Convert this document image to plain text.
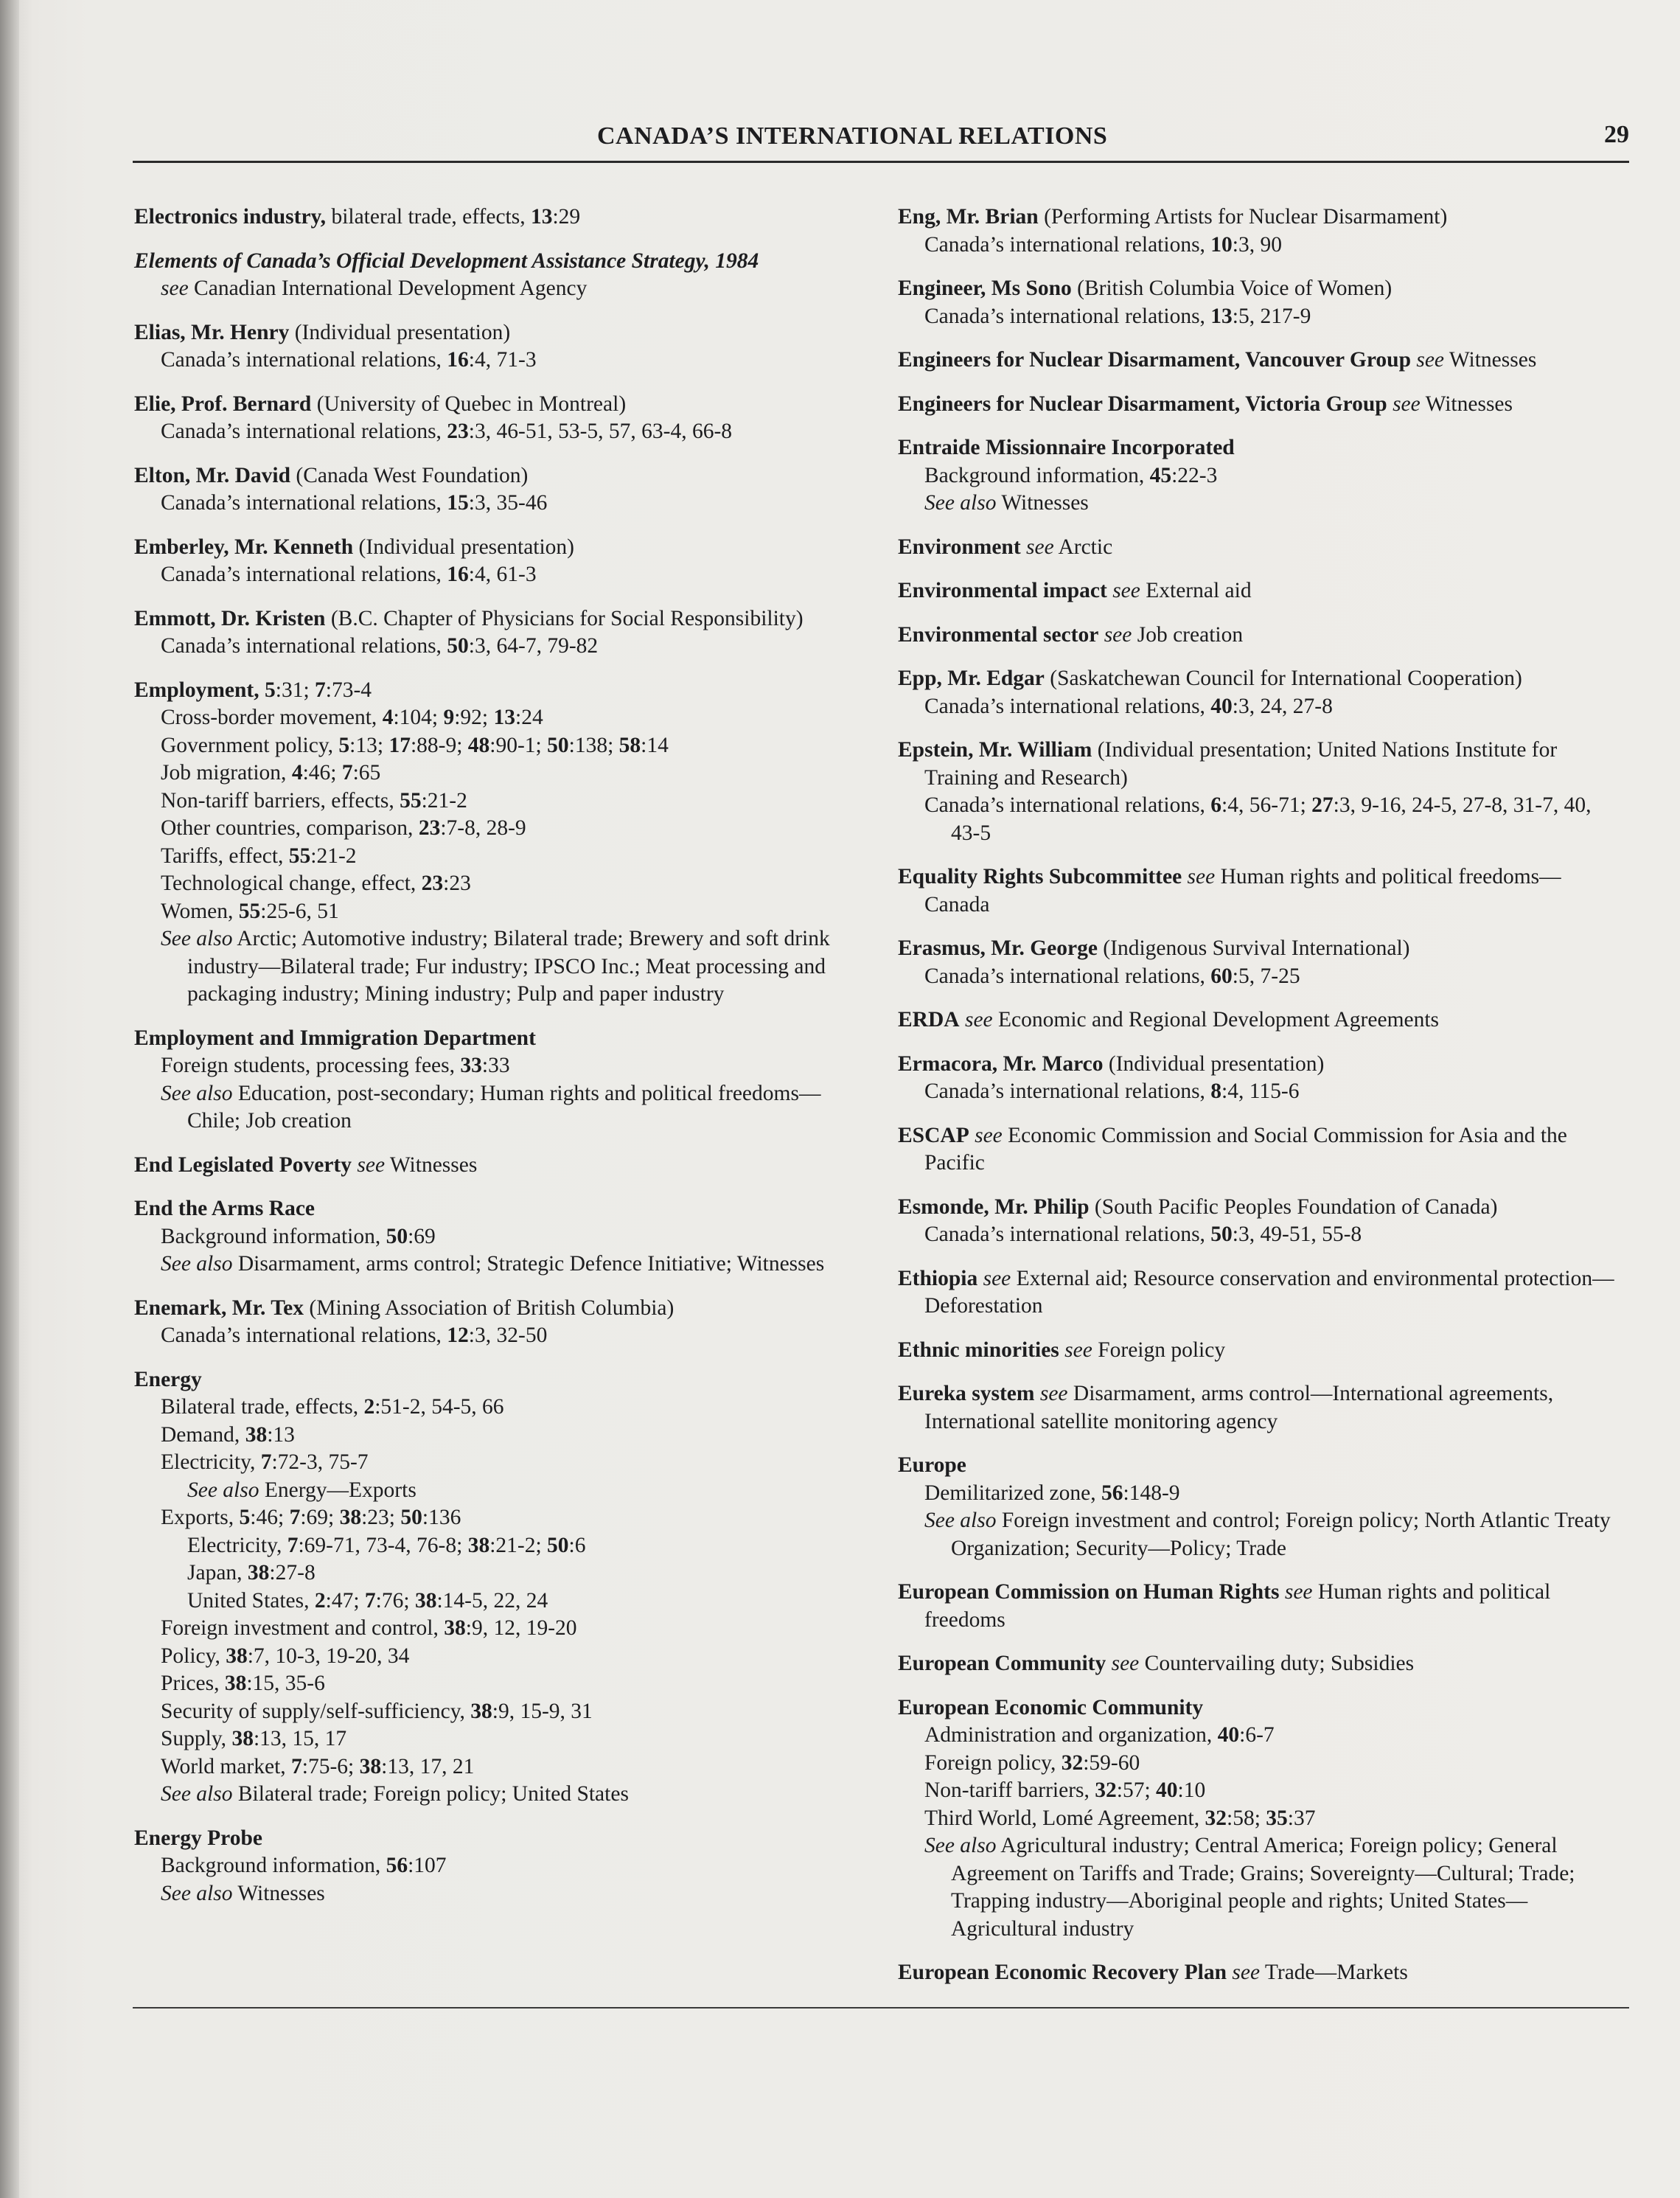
CANADA’S INTERNATIONAL RELATIONS	29
Electronics industry, bilateral trade, effects, 13:29
Elements of Canada’s Official Development Assistance Strategy, 1984
see Canadian International Development Agency
Elias, Mr. Henry (Individual presentation)
Canada’s international relations, 16:4, 71-3
Elie, Prof. Bernard (University of Quebec in Montreal)
Canada’s international relations, 23:3, 46-51, 53-5, 57, 63-4, 66-8
Elton, Mr. David (Canada West Foundation)
Canada’s international relations, 15:3, 35-46
Emberley, Mr. Kenneth (Individual presentation)
Canada’s international relations, 16:4, 61-3
Emmott, Dr. Kristen (B.C. Chapter of Physicians for Social Responsibility)
Canada’s international relations, 50:3, 64-7, 79-82
Employment, 5:31; 7:73-4
Cross-border movement, 4:104; 9:92; 13:24
Government policy, 5:13; 17:88-9; 48:90-1; 50:138; 58:14
Job migration, 4:46; 7:65
Non-tariff barriers, effects, 55:21-2
Other countries, comparison, 23:7-8, 28-9
Tariffs, effect, 55:21-2
Technological change, effect, 23:23
Women, 55:25-6, 51
See also Arctic; Automotive industry; Bilateral trade; Brewery and soft drink industry—Bilateral trade; Fur industry; IPSCO Inc.; Meat processing and packaging industry; Mining industry; Pulp and paper industry
Employment and Immigration Department
Foreign students, processing fees, 33:33
See also Education, post-secondary; Human rights and political freedoms—Chile; Job creation
End Legislated Poverty see Witnesses
End the Arms Race
Background information, 50:69
See also Disarmament, arms control; Strategic Defence Initiative; Witnesses
Enemark, Mr. Tex (Mining Association of British Columbia)
Canada’s international relations, 12:3, 32-50
Energy
Bilateral trade, effects, 2:51-2, 54-5, 66
Demand, 38:13
Electricity, 7:72-3, 75-7
See also Energy—Exports
Exports, 5:46; 7:69; 38:23; 50:136
Electricity, 7:69-71, 73-4, 76-8; 38:21-2; 50:6
Japan, 38:27-8
United States, 2:47; 7:76; 38:14-5, 22, 24
Foreign investment and control, 38:9, 12, 19-20
Policy, 38:7, 10-3, 19-20, 34
Prices, 38:15, 35-6
Security of supply/self-sufficiency, 38:9, 15-9, 31
Supply, 38:13, 15, 17
World market, 7:75-6; 38:13, 17, 21
See also Bilateral trade; Foreign policy; United States
Energy Probe
Background information, 56:107
See also Witnesses
Eng, Mr. Brian (Performing Artists for Nuclear Disarmament)
Canada’s international relations, 10:3, 90
Engineer, Ms Sono (British Columbia Voice of Women)
Canada’s international relations, 13:5, 217-9
Engineers for Nuclear Disarmament, Vancouver Group see Witnesses
Engineers for Nuclear Disarmament, Victoria Group see Witnesses
Entraide Missionnaire Incorporated
Background information, 45:22-3
See also Witnesses
Environment see Arctic
Environmental impact see External aid
Environmental sector see Job creation
Epp, Mr. Edgar (Saskatchewan Council for International Cooperation)
Canada’s international relations, 40:3, 24, 27-8
Epstein, Mr. William (Individual presentation; United Nations Institute for Training and Research)
Canada’s international relations, 6:4, 56-71; 27:3, 9-16, 24-5, 27-8, 31-7, 40, 43-5
Equality Rights Subcommittee see Human rights and political freedoms—Canada
Erasmus, Mr. George (Indigenous Survival International)
Canada’s international relations, 60:5, 7-25
ERDA see Economic and Regional Development Agreements
Ermacora, Mr. Marco (Individual presentation)
Canada’s international relations, 8:4, 115-6
ESCAP see Economic Commission and Social Commission for Asia and the Pacific
Esmonde, Mr. Philip (South Pacific Peoples Foundation of Canada)
Canada’s international relations, 50:3, 49-51, 55-8
Ethiopia see External aid; Resource conservation and environmental protection—Deforestation
Ethnic minorities see Foreign policy
Eureka system see Disarmament, arms control—International agreements, International satellite monitoring agency
Europe
Demilitarized zone, 56:148-9
See also Foreign investment and control; Foreign policy; North Atlantic Treaty Organization; Security—Policy; Trade
European Commission on Human Rights see Human rights and political freedoms
European Community see Countervailing duty; Subsidies
European Economic Community
Administration and organization, 40:6-7
Foreign policy, 32:59-60
Non-tariff barriers, 32:57; 40:10
Third World, Lomé Agreement, 32:58; 35:37
See also Agricultural industry; Central America; Foreign policy; General Agreement on Tariffs and Trade; Grains; Sovereignty—Cultural; Trade; Trapping industry—Aboriginal people and rights; United States—Agricultural industry
European Economic Recovery Plan see Trade—Markets
